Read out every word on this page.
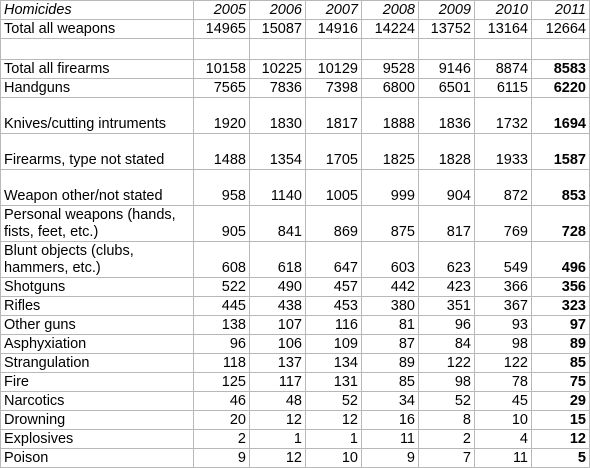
Homicides	2005	2006	2007	2008	2009	2010	2011
Total all weapons	14965	15087	14916	14224	13752	13164	12664

Total all firearms	10158	10225	10129	9528	9146	8874	8583
Handguns	7565	7836	7398	6800	6501	6115	6220
Knives/cutting intruments	1920	1830	1817	1888	1836	1732	1694
Firearms, type not stated	1488	1354	1705	1825	1828	1933	1587
Weapon other/not stated	958	1140	1005	999	904	872	853
Personal weapons (hands, fists, feet, etc.)	905	841	869	875	817	769	728
Blunt objects (clubs, hammers, etc.)	608	618	647	603	623	549	496
Shotguns	522	490	457	442	423	366	356
Rifles	445	438	453	380	351	367	323
Other guns	138	107	116	81	96	93	97
Asphyxiation	96	106	109	87	84	98	89
Strangulation	118	137	134	89	122	122	85
Fire	125	117	131	85	98	78	75
Narcotics	46	48	52	34	52	45	29
Drowning	20	12	12	16	8	10	15
Explosives	2	1	1	11	2	4	12
Poison	9	12	10	9	7	11	5
